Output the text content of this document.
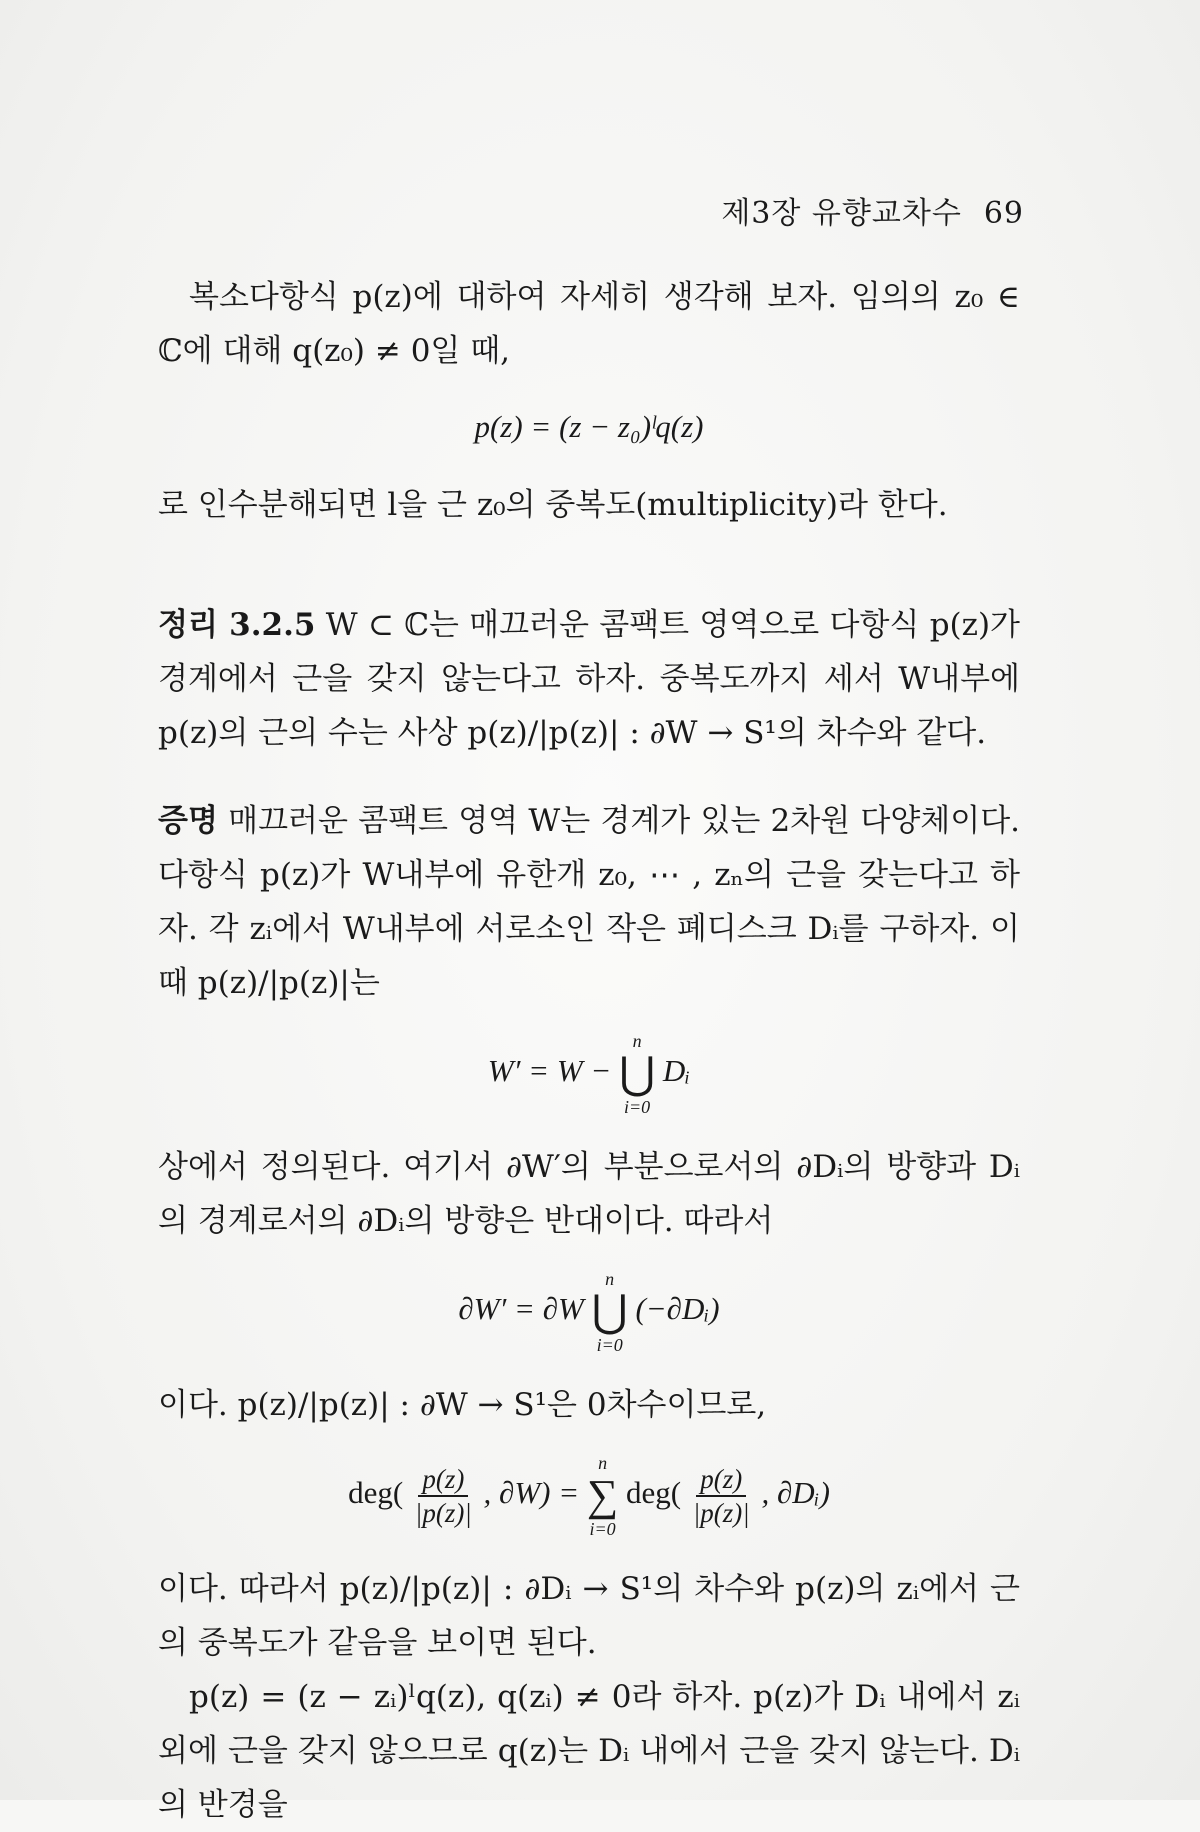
제3장 유향교차수 69

복소다항식 p(z)에 대하여 자세히 생각해 보자. 임의의 z₀ ∈ ℂ에 대해 q(z₀) ≠ 0일 때,

p(z) = (z − z₀)ˡq(z)

로 인수분해되면 l을 근 z₀의 중복도(multiplicity)라 한다.

정리 3.2.5 W ⊂ ℂ는 매끄러운 콤팩트 영역으로 다항식 p(z)가 경계에서 근을 갖지 않는다고 하자. 중복도까지 세서 W내부에 p(z)의 근의 수는 사상 p(z)/|p(z)| : ∂W → S¹의 차수와 같다.

증명 매끄러운 콤팩트 영역 W는 경계가 있는 2차원 다양체이다. 다항식 p(z)가 W내부에 유한개 z₀, ⋯ , zₙ의 근을 갖는다고 하자. 각 zᵢ에서 W내부에 서로소인 작은 폐디스크 Dᵢ를 구하자. 이때 p(z)/|p(z)|는

W′ = W −
n
⋃
i=0
Dᵢ

상에서 정의된다. 여기서 ∂W′의 부분으로서의 ∂Dᵢ의 방향과 Dᵢ의 경계로서의 ∂Dᵢ의 방향은 반대이다. 따라서

∂W′ = ∂W
n
⋃
i=0
(−∂Dᵢ)

이다. p(z)/|p(z)| : ∂W → S¹은 0차수이므로,

$deg( \frac{p(z)}{|p(z)|}$ , ∂W) =
n
∑
i=0
$deg( \frac{p(z)}{|p(z)|}$ , ∂Dᵢ)

이다. 따라서 p(z)/|p(z)| : ∂Dᵢ → S¹의 차수와 p(z)의 zᵢ에서 근의 중복도가 같음을 보이면 된다.

p(z) = (z − zᵢ)ˡq(z), q(zᵢ) ≠ 0라 하자. p(z)가 Dᵢ 내에서 zᵢ외에 근을 갖지 않으므로 q(z)는 Dᵢ 내에서 근을 갖지 않는다. Dᵢ의 반경을
